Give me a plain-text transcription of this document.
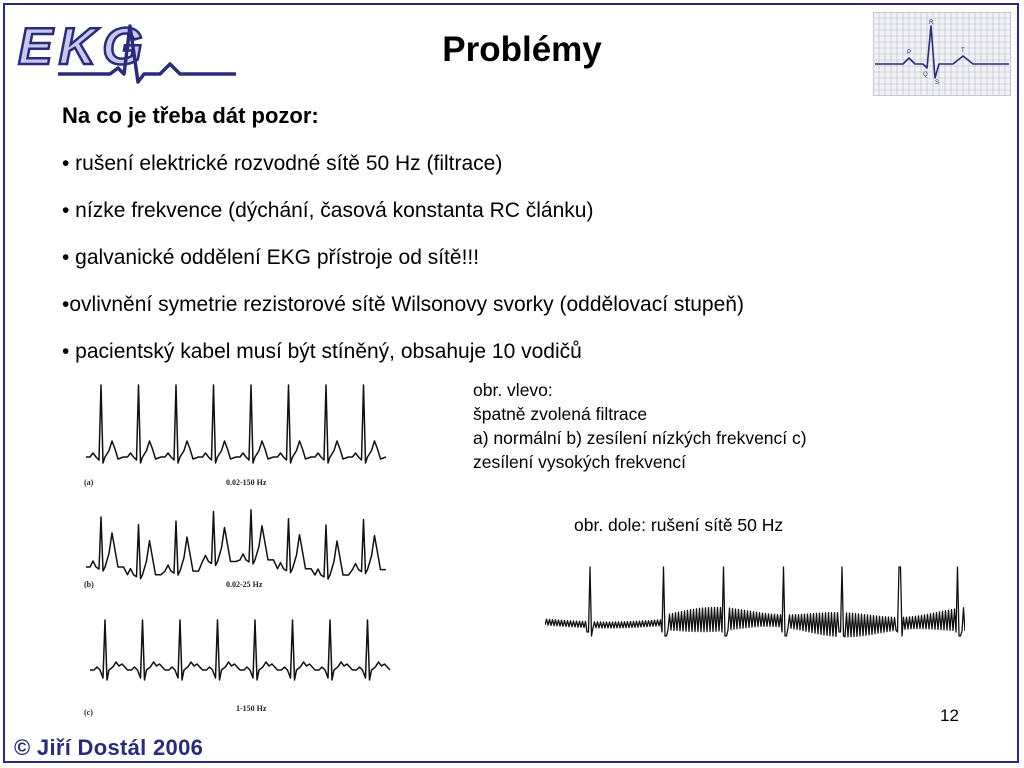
EKG	Problémy
R
P	T
Q
S
Na co je třeba dát pozor:
• rušení elektrické rozvodné sítě 50 Hz (filtrace)
• nízke frekvence (dýchání, časová konstanta RC článku)
• galvanické oddělení EKG přístroje od sítě!!!
•ovlivnění symetrie rezistorové sítě Wilsonovy svorky (oddělovací stupeň)
• pacientský kabel musí být stíněný, obsahuje 10 vodičů
(a)	0.02-150 Hz
(b)	0.02-25 Hz
(c)	1-150 Hz
obr. vlevo:
špatně zvolená filtrace
a) normální b) zesílení nízkých frekvencí c)
zesílení vysokých frekvencí
obr. dole: rušení sítě 50 Hz
12
© Jiří Dostál 2006
